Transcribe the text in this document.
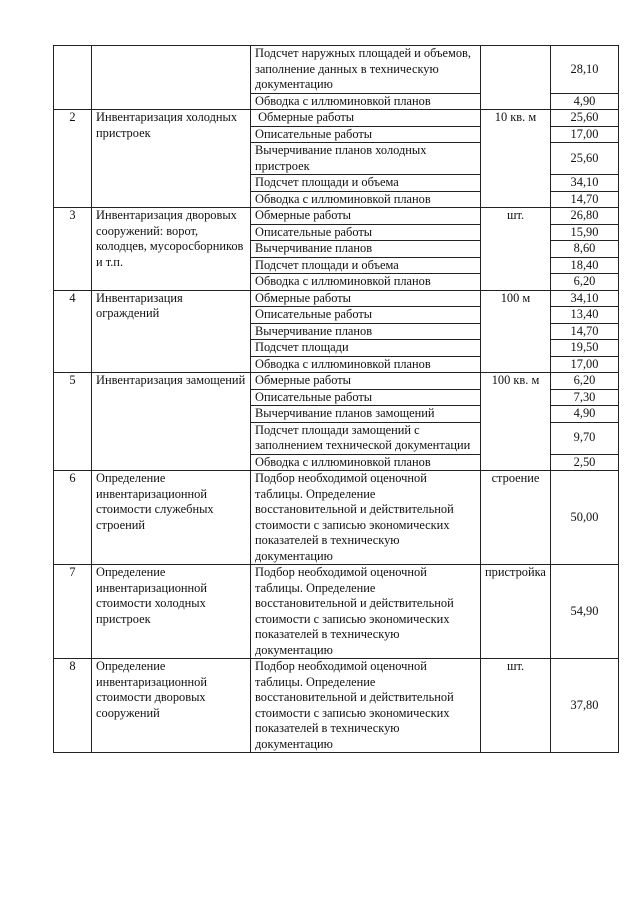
		Подсчет наружных площадей и объемов, заполнение данных в техническую документацию		28,10
		Обводка с иллюминовкой планов		4,90
2	Инвентаризация холодных пристроек	Обмерные работы	10 кв. м	25,60
		Описательные работы		17,00
		Вычерчивание планов холодных пристроек		25,60
		Подсчет площади и объема		34,10
		Обводка с иллюминовкой планов		14,70
3	Инвентаризация дворовых сооружений: ворот, колодцев, мусоросборников и т.п.	Обмерные работы	шт.	26,80
		Описательные работы		15,90
		Вычерчивание планов		8,60
		Подсчет площади и объема		18,40
		Обводка с иллюминовкой планов		6,20
4	Инвентаризация ограждений	Обмерные работы	100 м	34,10
		Описательные работы		13,40
		Вычерчивание планов		14,70
		Подсчет площади		19,50
		Обводка с иллюминовкой планов		17,00
5	Инвентаризация замощений	Обмерные работы	100 кв. м	6,20
		Описательные работы		7,30
		Вычерчивание планов замощений		4,90
		Подсчет площади замощений с заполнением технической документации		9,70
		Обводка с иллюминовкой планов		2,50
6	Определение инвентаризационной стоимости служебных строений	Подбор необходимой оценочной таблицы. Определение восстановительной и действительной стоимости с записью экономических показателей в техническую документацию	строение	50,00
7	Определение инвентаризационной стоимости холодных пристроек	Подбор необходимой оценочной таблицы. Определение восстановительной и действительной стоимости с записью экономических показателей в техническую документацию	пристройка	54,90
8	Определение инвентаризационной стоимости дворовых сооружений	Подбор необходимой оценочной таблицы. Определение восстановительной и действительной стоимости с записью экономических показателей в техническую документацию	шт.	37,80
